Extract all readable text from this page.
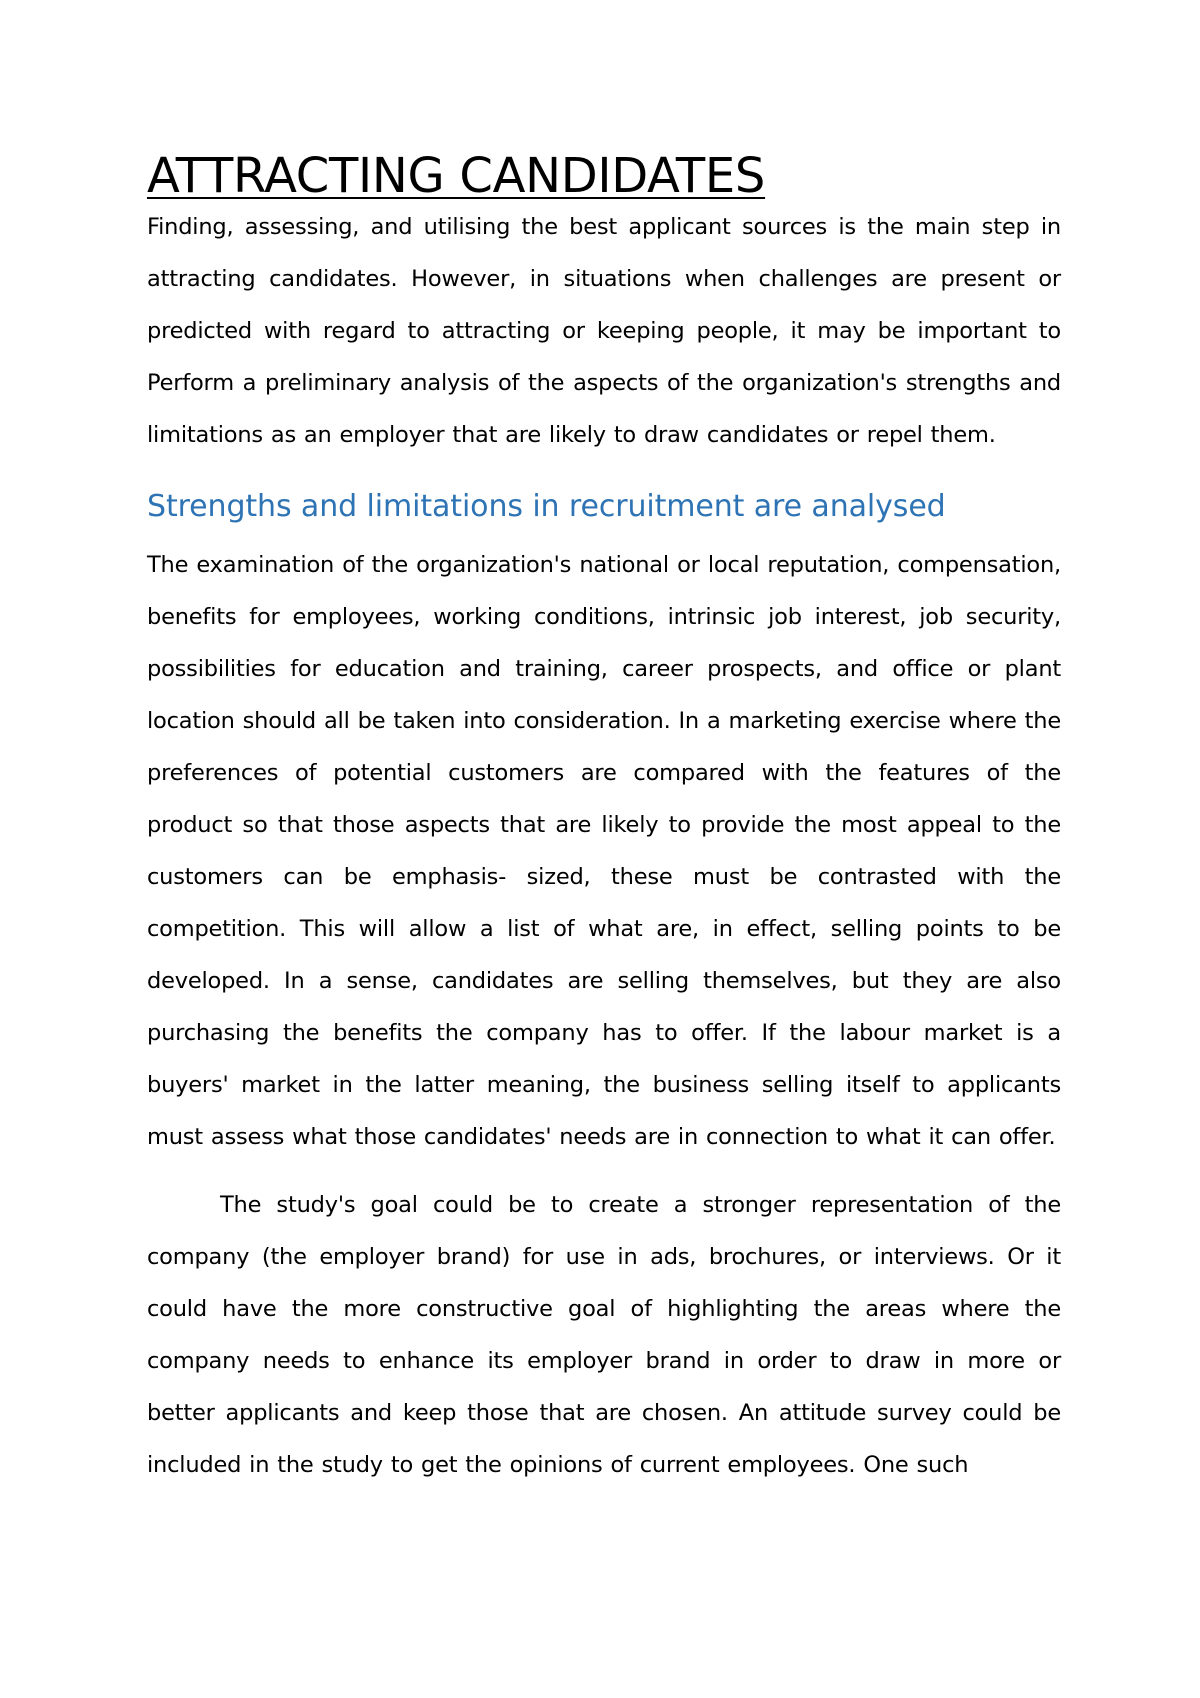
ATTRACTING CANDIDATES

Finding, assessing, and utilising the best applicant sources is the main step in attracting candidates. However, in situations when challenges are present or predicted with regard to attracting or keeping people, it may be important to Perform a preliminary analysis of the aspects of the organization's strengths and limitations as an employer that are likely to draw candidates or repel them.

Strengths and limitations in recruitment are analysed

The examination of the organization's national or local reputation, compensation, benefits for employees, working conditions, intrinsic job interest, job security, possibilities for education and training, career prospects, and office or plant location should all be taken into consideration. In a marketing exercise where the preferences of potential customers are compared with the features of the product so that those aspects that are likely to provide the most appeal to the customers can be emphasis- sized, these must be contrasted with the competition. This will allow a list of what are, in effect, selling points to be developed. In a sense, candidates are selling themselves, but they are also purchasing the benefits the company has to offer. If the labour market is a buyers' market in the latter meaning, the business selling itself to applicants must assess what those candidates' needs are in connection to what it can offer.

The study's goal could be to create a stronger representation of the company (the employer brand) for use in ads, brochures, or interviews. Or it could have the more constructive goal of highlighting the areas where the company needs to enhance its employer brand in order to draw in more or better applicants and keep those that are chosen. An attitude survey could be included in the study to get the opinions of current employees. One such
